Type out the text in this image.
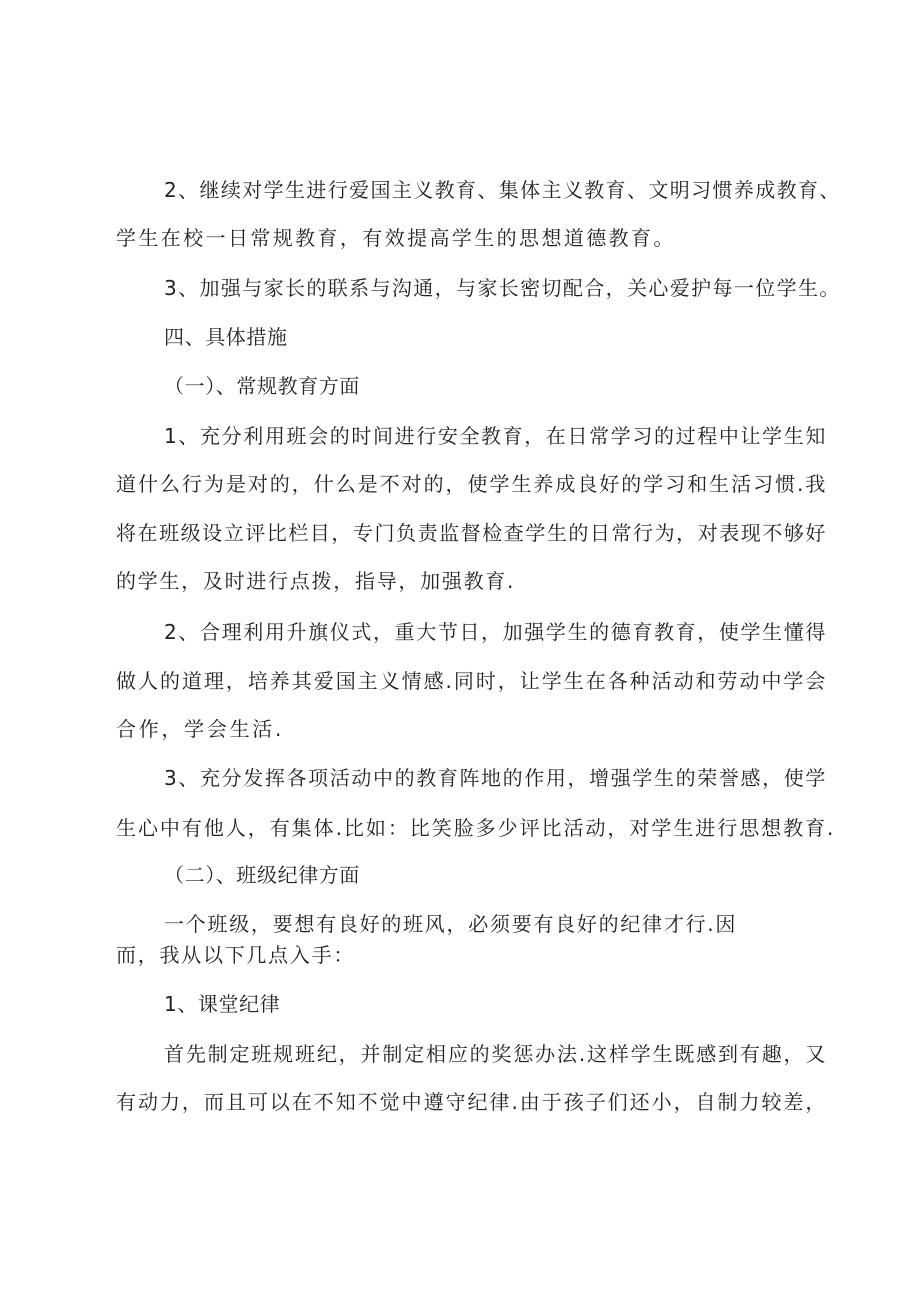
2、继续对学生进行爱国主义教育、集体主义教育、文明习惯养成教育、
学生在校一日常规教育，有效提高学生的思想道德教育。
3、加强与家长的联系与沟通，与家长密切配合，关心爱护每一位学生。
四、具体措施
（一）、常规教育方面
1、充分利用班会的时间进行安全教育，在日常学习的过程中让学生知
道什么行为是对的，什么是不对的，使学生养成良好的学习和生活习惯.我
将在班级设立评比栏目，专门负责监督检查学生的日常行为，对表现不够好
的学生，及时进行点拨，指导，加强教育.
2、合理利用升旗仪式，重大节日，加强学生的德育教育，使学生懂得
做人的道理，培养其爱国主义情感.同时，让学生在各种活动和劳动中学会
合作，学会生活.
3、充分发挥各项活动中的教育阵地的作用，增强学生的荣誉感，使学
生心中有他人，有集体.比如：比笑脸多少评比活动，对学生进行思想教育.
（二）、班级纪律方面
一个班级，要想有良好的班风，必须要有良好的纪律才行.因
而，我从以下几点入手：
1、课堂纪律
首先制定班规班纪，并制定相应的奖惩办法.这样学生既感到有趣，又
有动力，而且可以在不知不觉中遵守纪律.由于孩子们还小，自制力较差，
